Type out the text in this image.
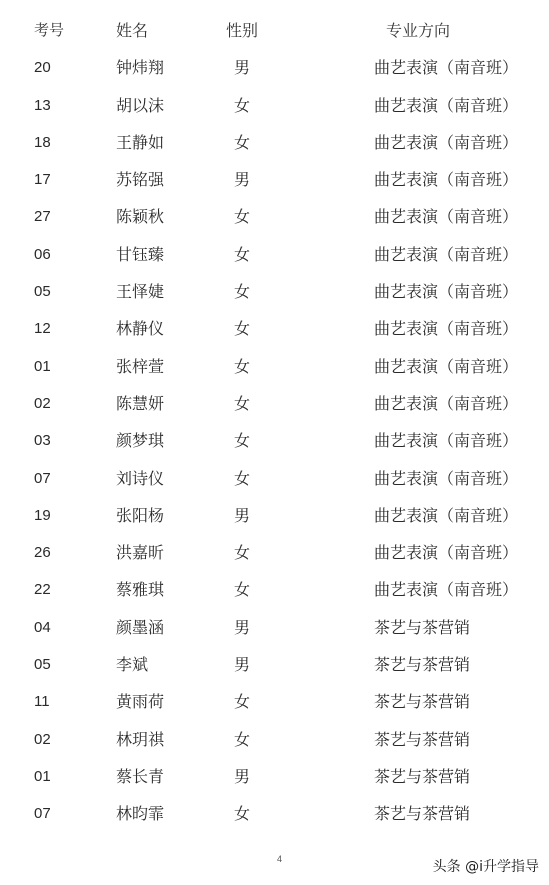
考号	姓名	性别	专业方向
20	钟炜翔	男	曲艺表演（南音班）
13	胡以沫	女	曲艺表演（南音班）
18	王静如	女	曲艺表演（南音班）
17	苏铭强	男	曲艺表演（南音班）
27	陈颖秋	女	曲艺表演（南音班）
06	甘钰臻	女	曲艺表演（南音班）
05	王怿婕	女	曲艺表演（南音班）
12	林静仪	女	曲艺表演（南音班）
01	张梓萱	女	曲艺表演（南音班）
02	陈慧妍	女	曲艺表演（南音班）
03	颜梦琪	女	曲艺表演（南音班）
07	刘诗仪	女	曲艺表演（南音班）
19	张阳杨	男	曲艺表演（南音班）
26	洪嘉昕	女	曲艺表演（南音班）
22	蔡雅琪	女	曲艺表演（南音班）
04	颜墨涵	男	茶艺与茶营销
05	李斌	男	茶艺与茶营销
11	黄雨荷	女	茶艺与茶营销
02	林玥祺	女	茶艺与茶营销
01	蔡长青	男	茶艺与茶营销
07	林昀霏	女	茶艺与茶营销
4	头条 @i升学指导
